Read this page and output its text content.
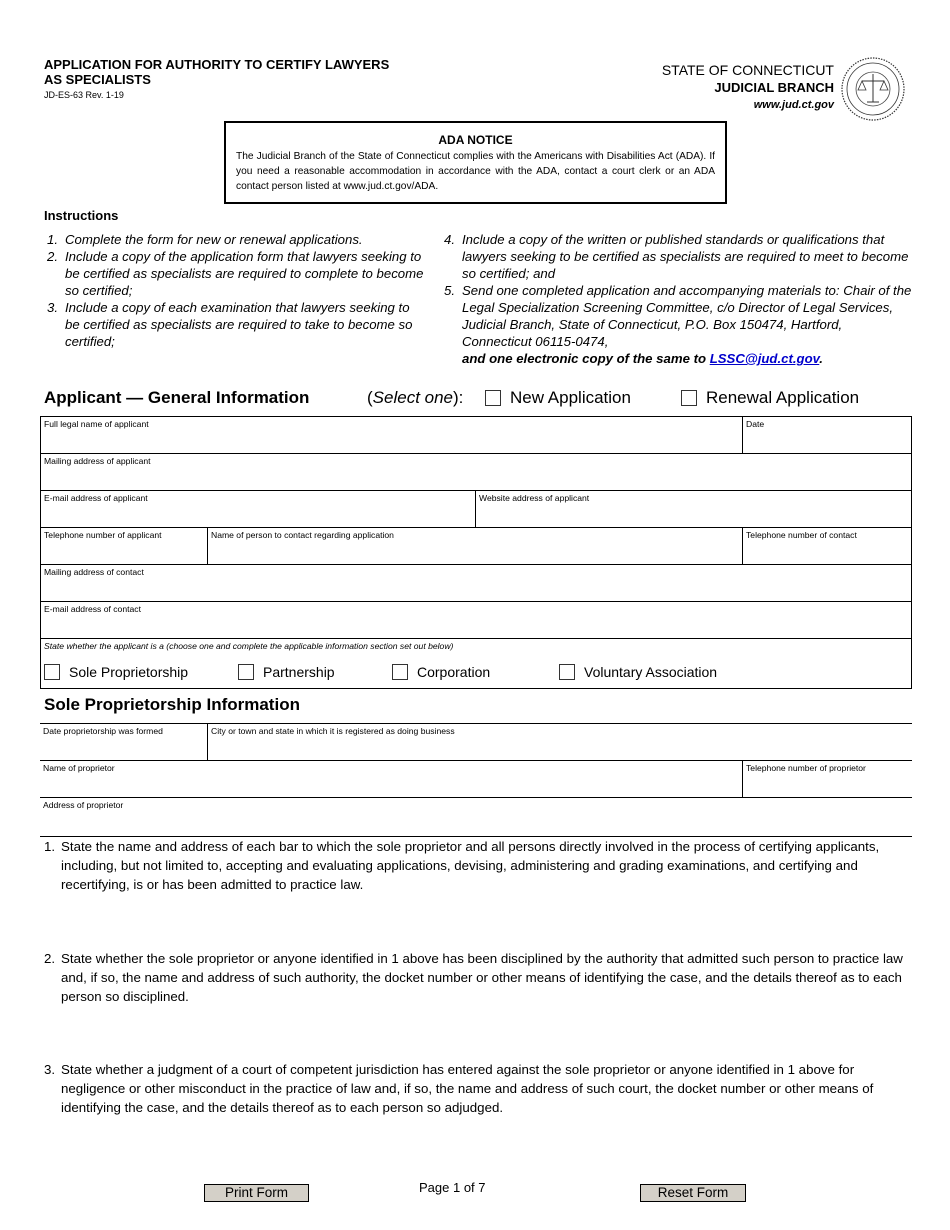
APPLICATION FOR AUTHORITY TO CERTIFY LAWYERS AS SPECIALISTS
JD-ES-63 Rev. 1-19
STATE OF CONNECTICUT
JUDICIAL BRANCH
www.jud.ct.gov
ADA NOTICE
The Judicial Branch of the State of Connecticut complies with the Americans with Disabilities Act (ADA). If you need a reasonable accommodation in accordance with the ADA, contact a court clerk or an ADA contact person listed at www.jud.ct.gov/ADA.
Instructions
1. Complete the form for new or renewal applications.
2. Include a copy of the application form that lawyers seeking to be certified as specialists are required to complete to become so certified;
3. Include a copy of each examination that lawyers seeking to be certified as specialists are required to take to become so certified;
4. Include a copy of the written or published standards or qualifications that lawyers seeking to be certified as specialists are required to meet to become so certified; and
5. Send one completed application and accompanying materials to: Chair of the Legal Specialization Screening Committee, c/o Director of Legal Services, Judicial Branch, State of Connecticut, P.O. Box 150474, Hartford, Connecticut 06115-0474,
and one electronic copy of the same to LSSC@jud.ct.gov.
Applicant — General Information	(Select one):	New Application	Renewal Application
Full legal name of applicant	Date
Mailing address of applicant
E-mail address of applicant	Website address of applicant
Telephone number of applicant	Name of person to contact regarding application	Telephone number of contact
Mailing address of contact
E-mail address of contact
State whether the applicant is a (choose one and complete the applicable information section set out below)
Sole Proprietorship	Partnership	Corporation	Voluntary Association
Sole Proprietorship Information
Date proprietorship was formed	City or town and state in which it is registered as doing business
Name of proprietor	Telephone number of proprietor
Address of proprietor
1. State the name and address of each bar to which the sole proprietor and all persons directly involved in the process of certifying applicants, including, but not limited to, accepting and evaluating applications, devising, administering and grading examinations, and certifying and recertifying, is or has been admitted to practice law.
2. State whether the sole proprietor or anyone identified in 1 above has been disciplined by the authority that admitted such person to practice law and, if so, the name and address of such authority, the docket number or other means of identifying the case, and the details thereof as to each person so disciplined.
3. State whether a judgment of a court of competent jurisdiction has entered against the sole proprietor or anyone identified in 1 above for negligence or other misconduct in the practice of law and, if so, the name and address of such court, the docket number or other means of identifying the case, and the details thereof as to each person so adjudged.
Print Form	Page 1 of 7	Reset Form
